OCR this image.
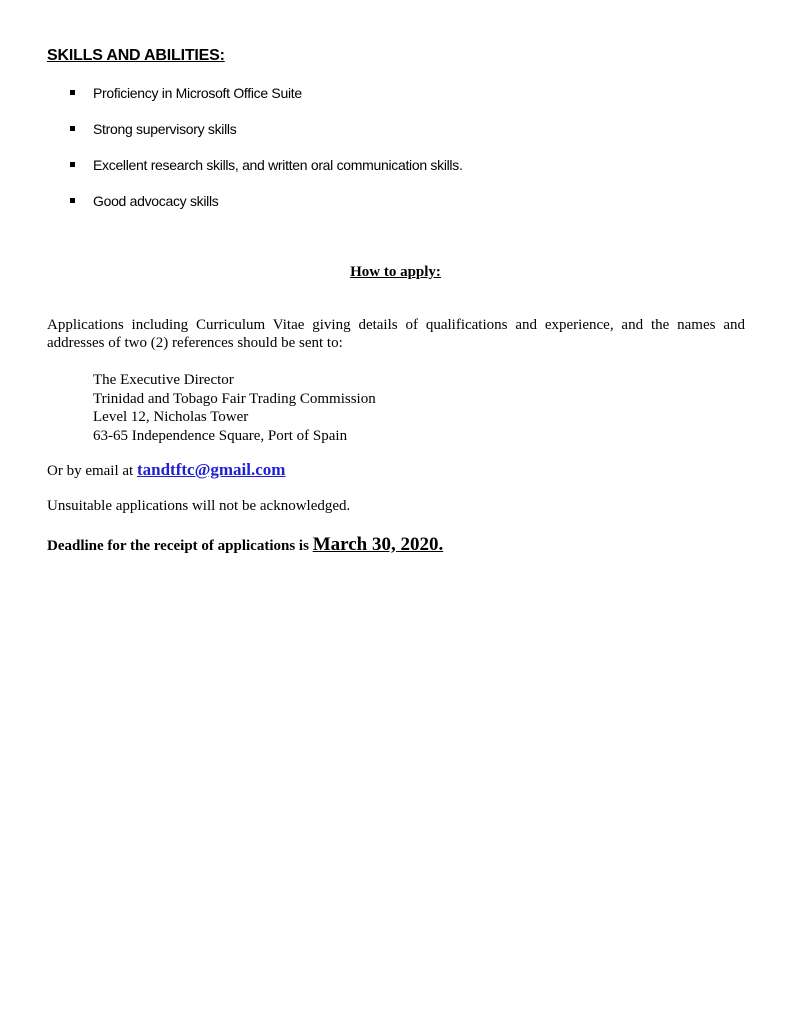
SKILLS AND ABILITIES:
Proficiency in Microsoft Office Suite
Strong supervisory skills
Excellent research skills, and written oral communication skills.
Good advocacy skills
How to apply:

Applications including Curriculum Vitae giving details of qualifications and experience, and the names and addresses of two (2) references should be sent to:

The Executive Director
Trinidad and Tobago Fair Trading Commission
Level 12, Nicholas Tower
63-65 Independence Square, Port of Spain
Or by email at tandtftc@gmail.com

Unsuitable applications will not be acknowledged.

Deadline for the receipt of applications is March 30, 2020.
